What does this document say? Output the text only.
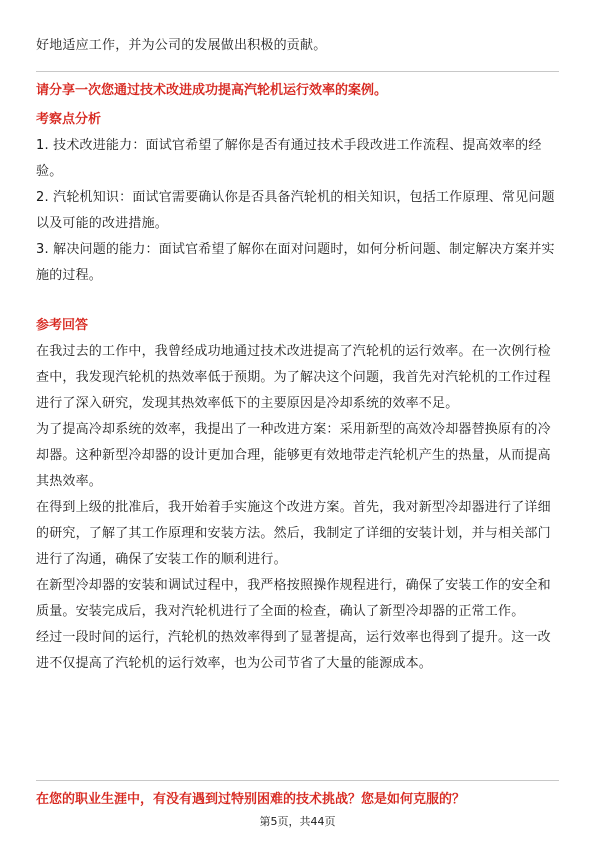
好地适应工作，并为公司的发展做出积极的贡献。

请分享一次您通过技术改进成功提高汽轮机运行效率的案例。

考察点分析

1. 技术改进能力：面试官希望了解你是否有通过技术手段改进工作流程、提高效率的经验。

2. 汽轮机知识：面试官需要确认你是否具备汽轮机的相关知识，包括工作原理、常见问题以及可能的改进措施。

3. 解决问题的能力：面试官希望了解你在面对问题时，如何分析问题、制定解决方案并实施的过程。

参考回答

在我过去的工作中，我曾经成功地通过技术改进提高了汽轮机的运行效率。在一次例行检查中，我发现汽轮机的热效率低于预期。为了解决这个问题，我首先对汽轮机的工作过程进行了深入研究，发现其热效率低下的主要原因是冷却系统的效率不足。

为了提高冷却系统的效率，我提出了一种改进方案：采用新型的高效冷却器替换原有的冷却器。这种新型冷却器的设计更加合理，能够更有效地带走汽轮机产生的热量，从而提高其热效率。

在得到上级的批准后，我开始着手实施这个改进方案。首先，我对新型冷却器进行了详细的研究，了解了其工作原理和安装方法。然后，我制定了详细的安装计划，并与相关部门进行了沟通，确保了安装工作的顺利进行。

在新型冷却器的安装和调试过程中，我严格按照操作规程进行，确保了安装工作的安全和质量。安装完成后，我对汽轮机进行了全面的检查，确认了新型冷却器的正常工作。

经过一段时间的运行，汽轮机的热效率得到了显著提高，运行效率也得到了提升。这一改进不仅提高了汽轮机的运行效率，也为公司节省了大量的能源成本。

在您的职业生涯中，有没有遇到过特别困难的技术挑战？您是如何克服的？

第5页，共44页
